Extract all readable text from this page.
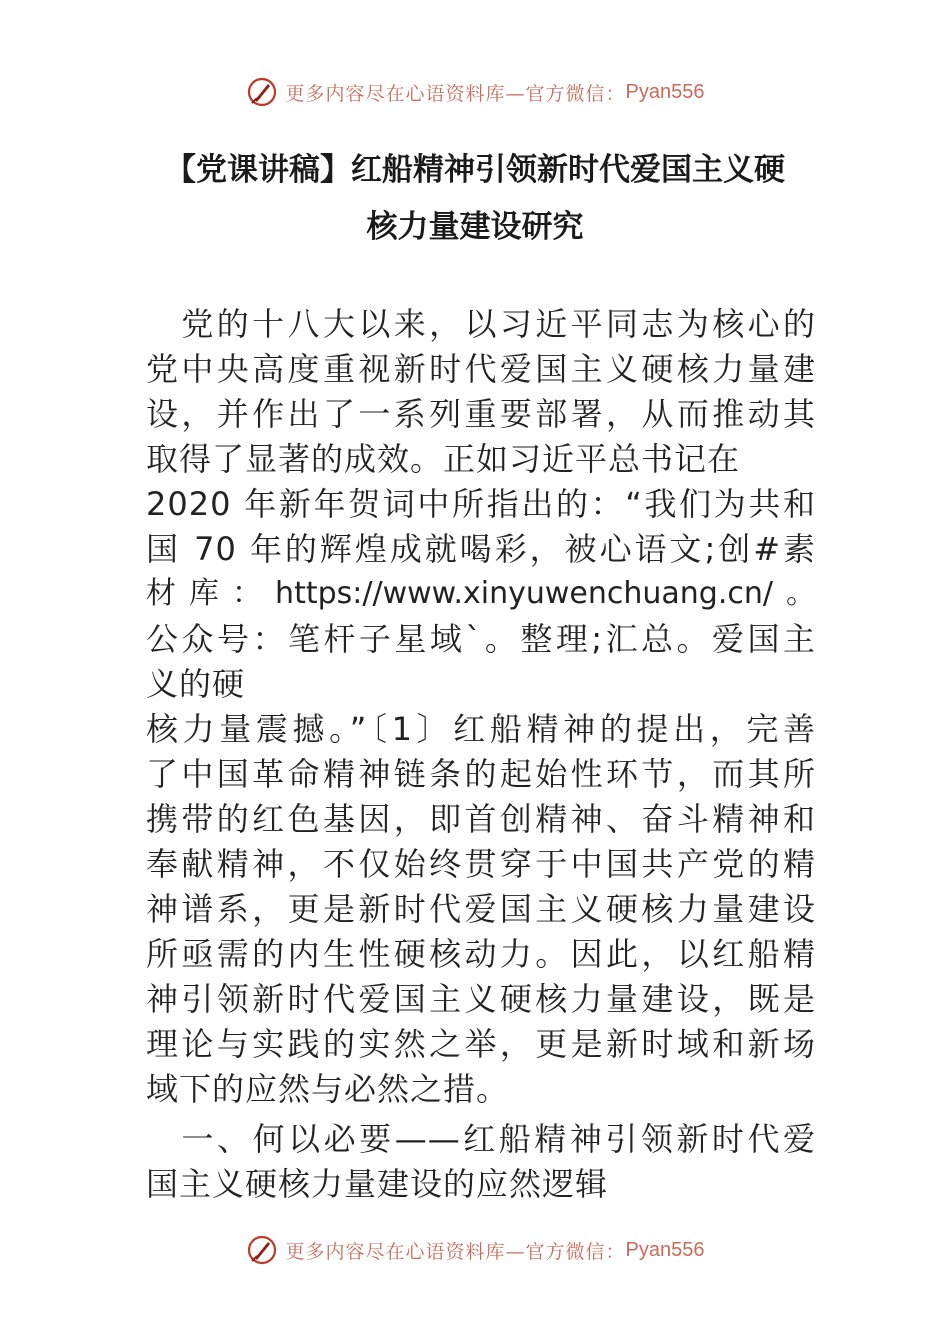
更多内容尽在心语资料库—官方微信： Pyan556
【党课讲稿】红船精神引领新时代爱国主义硬
核力量建设研究
　党的十八大以来，以习近平同志为核心的
党中央高度重视新时代爱国主义硬核力量建
设，并作出了一系列重要部署，从而推动其
取得了显著的成效。正如习近平总书记在
2020 年新年贺词中所指出的：“我们为共和
国 70 年的辉煌成就喝彩，被心语文;创#素
材库：https://www.xinyuwenchuang.cn/。
公众号：笔杆子星域`。整理;汇总。爱国主
义的硬
核力量震撼。”〔1〕红船精神的提出，完善
了中国革命精神链条的起始性环节，而其所
携带的红色基因，即首创精神、奋斗精神和
奉献精神，不仅始终贯穿于中国共产党的精
神谱系，更是新时代爱国主义硬核力量建设
所亟需的内生性硬核动力。因此，以红船精
神引领新时代爱国主义硬核力量建设，既是
理论与实践的实然之举，更是新时域和新场
域下的应然与必然之措。
　一、何以必要——红船精神引领新时代爱
国主义硬核力量建设的应然逻辑
更多内容尽在心语资料库—官方微信： Pyan556
